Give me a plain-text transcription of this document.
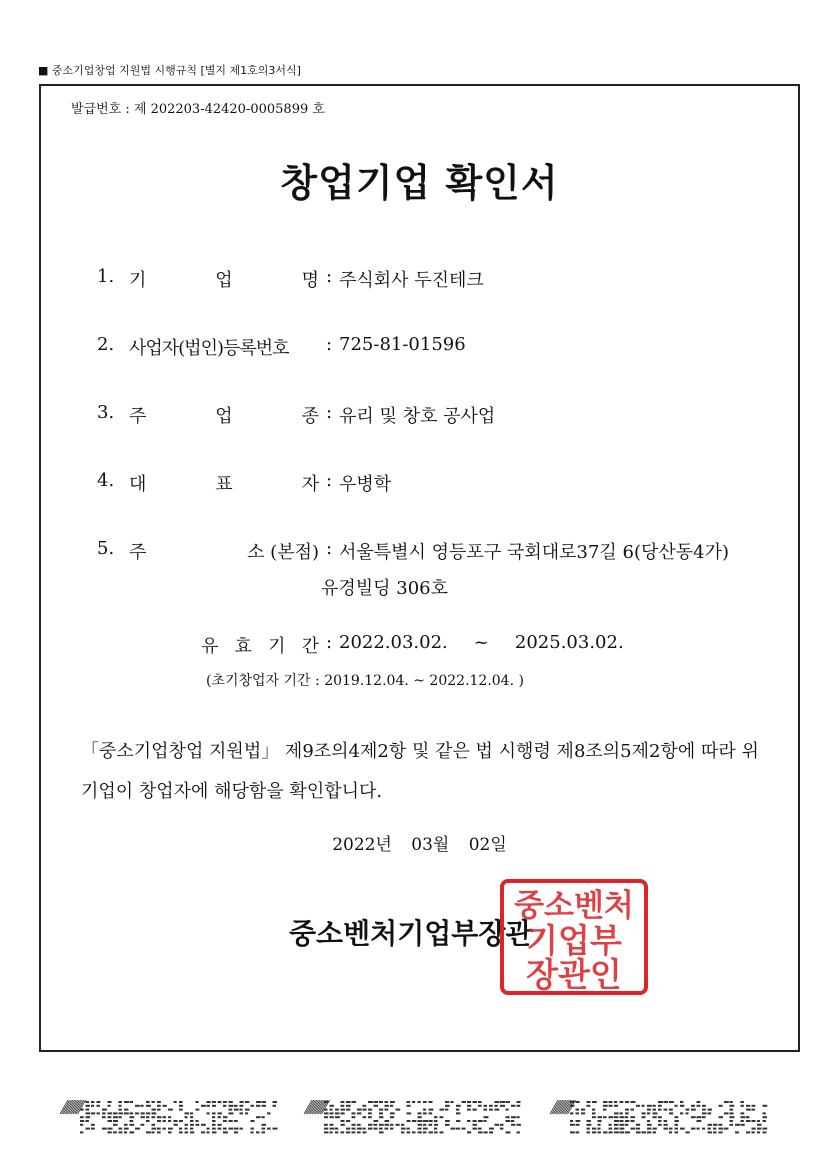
■ 중소기업창업 지원법 시행규칙 [별지 제1호의3서식]
발급번호 : 제 202203-42420-0005899 호
창업기업 확인서
1. 기	업	명 : 주식회사 두진테크
2. 사업자(법인)등록번호	: 725-81-01596
3. 주	업	종 : 유리 및 창호 공사업
4. 대	표	자 : 우병학
5. 주	소 (본점) : 서울특별시 영등포구 국회대로37길 6(당산동4가)
유경빌딩 306호
유 효 기 간 : 2022.03.02. ~ 2025.03.02.
(초기창업자 기간 : 2019.12.04. ~ 2022.12.04. )
「중소기업창업 지원법」 제9조의4제2항 및 같은 법 시행령 제8조의5제2항에 따라 위 기업이 창업자에 해당함을 확인합니다.
2022년 03월 02일
중소벤처기업부장관
중소벤처
기업부
장관인
